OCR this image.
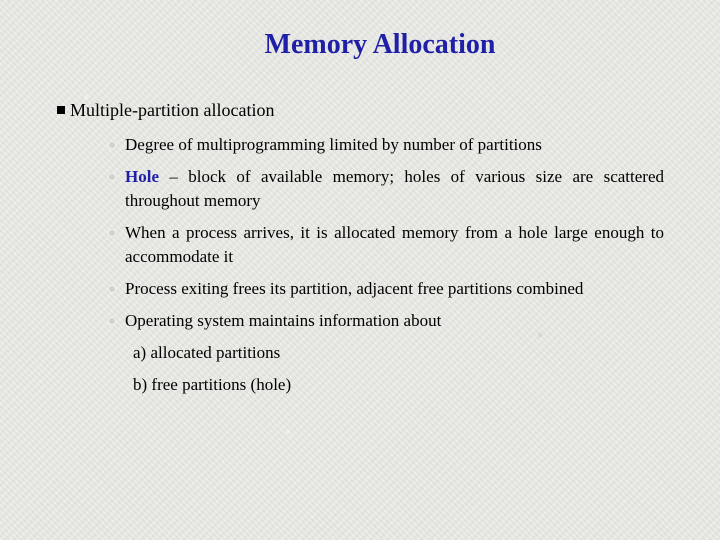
Memory Allocation
Multiple-partition allocation
Degree of multiprogramming limited by number of partitions
Hole – block of available memory; holes of various size are scattered throughout memory
When a process arrives, it is allocated memory from a hole large enough to accommodate it
Process exiting frees its partition, adjacent free partitions combined
Operating system maintains information about
a) allocated partitions
b) free partitions (hole)
